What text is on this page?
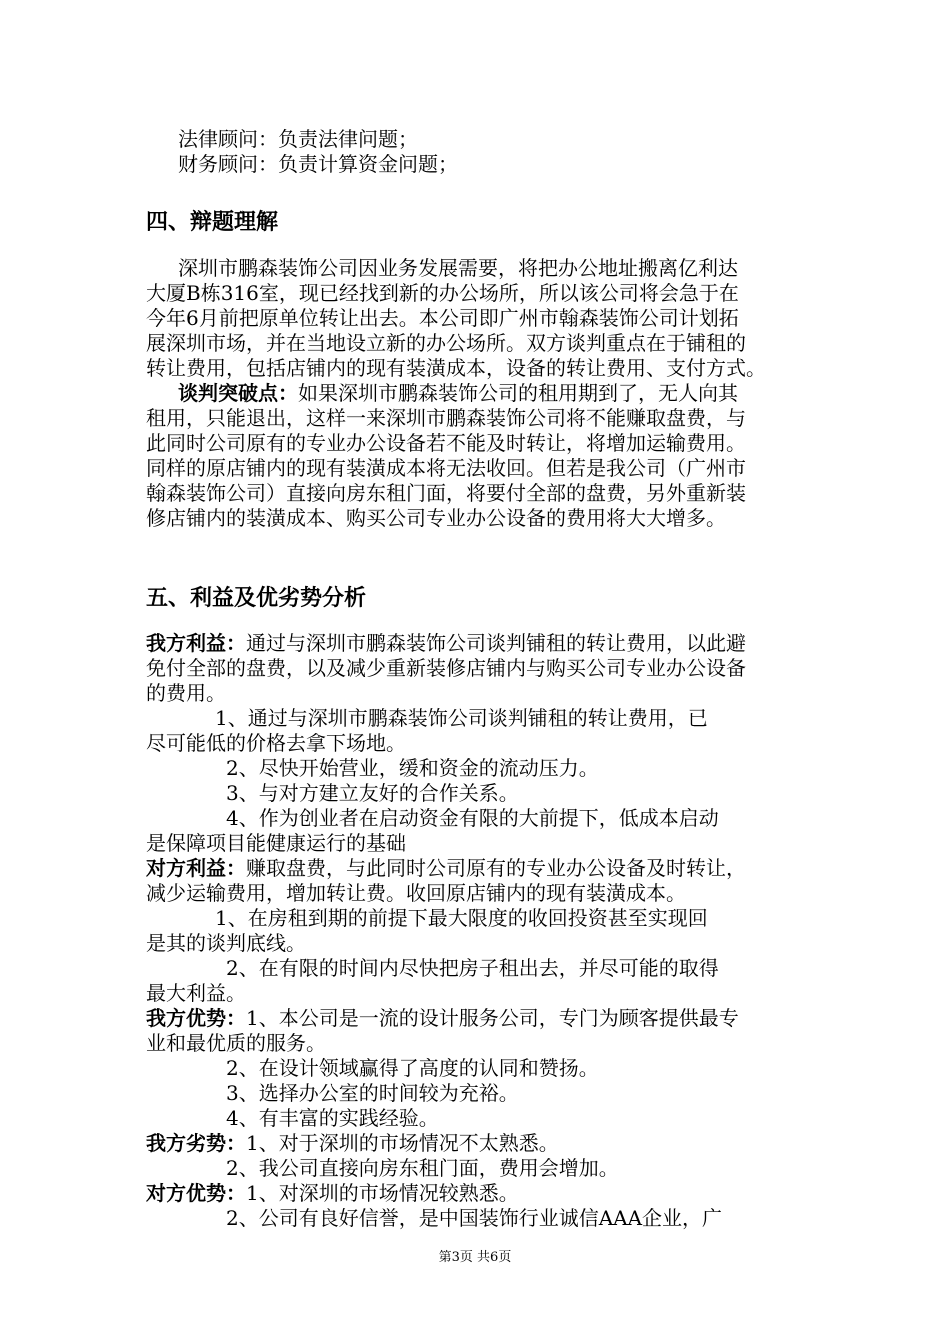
法律顾问：负责法律问题；
财务顾问：负责计算资金问题；
四、辩题理解
深圳市鹏森装饰公司因业务发展需要，将把办公地址搬离亿利达
大厦B栋316室，现已经找到新的办公场所，所以该公司将会急于在
今年6月前把原单位转让出去。本公司即广州市翰森装饰公司计划拓
展深圳市场，并在当地设立新的办公场所。双方谈判重点在于铺租的
转让费用，包括店铺内的现有装潢成本，设备的转让费用、支付方式。
谈判突破点：如果深圳市鹏森装饰公司的租用期到了，无人向其
租用，只能退出，这样一来深圳市鹏森装饰公司将不能赚取盘费，与
此同时公司原有的专业办公设备若不能及时转让，将增加运输费用。
同样的原店铺内的现有装潢成本将无法收回。但若是我公司（广州市
翰森装饰公司）直接向房东租门面，将要付全部的盘费，另外重新装
修店铺内的装潢成本、购买公司专业办公设备的费用将大大增多。
五、利益及优劣势分析
我方利益：通过与深圳市鹏森装饰公司谈判铺租的转让费用，以此避
免付全部的盘费，以及减少重新装修店铺内与购买公司专业办公设备
的费用。
1、通过与深圳市鹏森装饰公司谈判铺租的转让费用，已
尽可能低的价格去拿下场地。
2、尽快开始营业，缓和资金的流动压力。
3、与对方建立友好的合作关系。
4、作为创业者在启动资金有限的大前提下，低成本启动
是保障项目能健康运行的基础
对方利益：赚取盘费，与此同时公司原有的专业办公设备及时转让，
减少运输费用，增加转让费。收回原店铺内的现有装潢成本。
1、在房租到期的前提下最大限度的收回投资甚至实现回
是其的谈判底线。
2、在有限的时间内尽快把房子租出去，并尽可能的取得
最大利益。
我方优势：1、本公司是一流的设计服务公司，专门为顾客提供最专
业和最优质的服务。
2、在设计领域赢得了高度的认同和赞扬。
3、选择办公室的时间较为充裕。
4、有丰富的实践经验。
我方劣势：1、对于深圳的市场情况不太熟悉。
2、我公司直接向房东租门面，费用会增加。
对方优势：1、对深圳的市场情况较熟悉。
2、公司有良好信誉，是中国装饰行业诚信AAA企业，广
第3页 共6页
